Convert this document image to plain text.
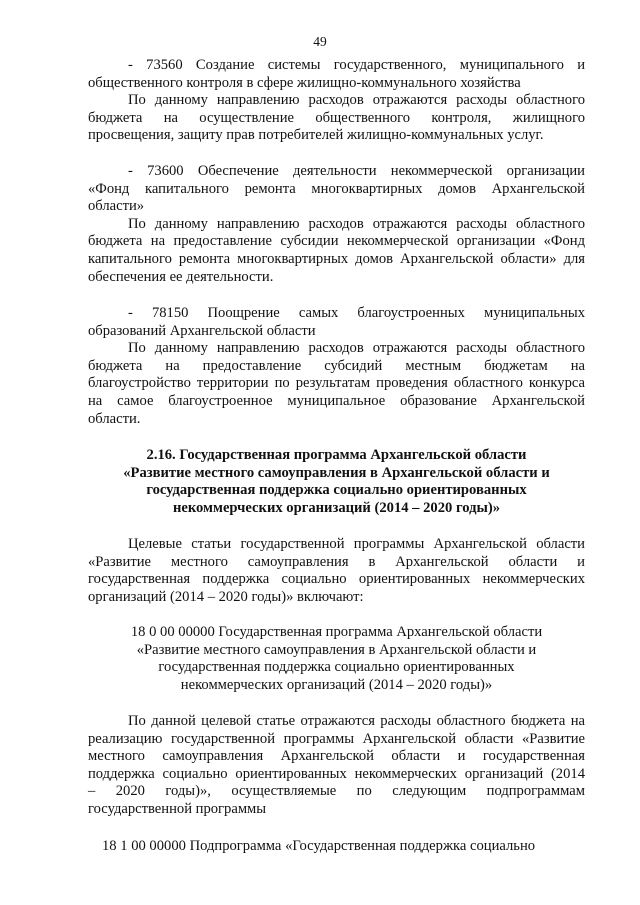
49

- 73560 Создание системы государственного, муниципального и

общественного контроля в сфере жилищно-коммунального хозяйства

По данному направлению расходов отражаются расходы областного

бюджета на осуществление общественного контроля, жилищного

просвещения, защиту прав потребителей жилищно-коммунальных услуг.

- 73600 Обеспечение деятельности некоммерческой организации

«Фонд капитального ремонта многоквартирных домов Архангельской

области»

По данному направлению расходов отражаются расходы областного

бюджета на предоставление субсидии некоммерческой организации «Фонд

капитального ремонта многоквартирных домов Архангельской области» для

обеспечения ее деятельности.

- 78150 Поощрение самых благоустроенных муниципальных

образований Архангельской области

По данному направлению расходов отражаются расходы областного

бюджета на предоставление субсидий местным бюджетам на

благоустройство территории по результатам проведения областного конкурса

на самое благоустроенное муниципальное образование Архангельской

области.

2.16. Государственная программа Архангельской области

«Развитие местного самоуправления в Архангельской области и

государственная поддержка социально ориентированных

некоммерческих организаций (2014 – 2020 годы)»

Целевые статьи государственной программы Архангельской области

«Развитие местного самоуправления в Архангельской области и

государственная поддержка социально ориентированных некоммерческих

организаций (2014 – 2020 годы)» включают:

18 0 00 00000 Государственная программа Архангельской области

«Развитие местного самоуправления в Архангельской области и

государственная поддержка социально ориентированных

некоммерческих организаций (2014 – 2020 годы)»

По данной целевой статье отражаются расходы областного бюджета на

реализацию государственной программы Архангельской области «Развитие

местного самоуправления Архангельской области и государственная

поддержка социально ориентированных некоммерческих организаций (2014

– 2020 годы)», осуществляемые по следующим подпрограммам

государственной программы

18 1 00 00000 Подпрограмма «Государственная поддержка социально
